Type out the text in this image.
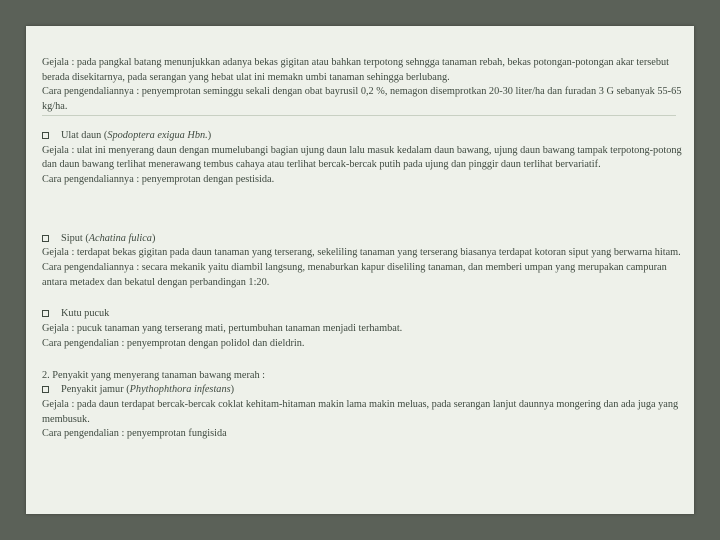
Gejala : pada pangkal batang menunjukkan adanya bekas gigitan atau bahkan terpotong sehngga tanaman rebah, bekas potongan-potongan akar tersebut berada disekitarnya, pada serangan yang hebat ulat ini memakn umbi tanaman sehingga berlubang.

Cara pengendaliannya : penyemprotan seminggu sekali dengan obat bayrusil 0,2 %, nemagon disemprotkan 20-30 liter/ha dan furadan 3 G sebanyak 55-65 kg/ha.

Ulat daun (Spodoptera exigua Hbn.)

Gejala : ulat ini menyerang daun dengan mumelubangi bagian ujung daun lalu masuk kedalam daun bawang, ujung daun bawang tampak terpotong-potong dan daun bawang terlihat menerawang tembus cahaya atau terlihat bercak-bercak putih pada ujung dan pinggir daun terlihat bervariatif.

Cara pengendaliannya : penyemprotan dengan pestisida.

Siput (Achatina fulica)

Gejala : terdapat bekas gigitan pada daun tanaman yang terserang, sekeliling tanaman yang terserang biasanya terdapat kotoran siput yang berwarna hitam.

Cara pengendaliannya : secara mekanik yaitu diambil langsung, menaburkan kapur diseliling tanaman, dan memberi umpan yang merupakan campuran antara metadex dan bekatul dengan perbandingan 1:20.

Kutu pucuk

Gejala : pucuk tanaman yang terserang mati, pertumbuhan tanaman menjadi terhambat.

Cara pengendalian : penyemprotan dengan polidol dan dieldrin.

2. Penyakit yang menyerang tanaman bawang merah :

Penyakit jamur (Phythophthora infestans)

Gejala : pada daun terdapat bercak-bercak coklat kehitam-hitaman makin lama makin meluas, pada serangan lanjut daunnya mongering dan ada juga yang membusuk.

Cara pengendalian : penyemprotan fungisida
